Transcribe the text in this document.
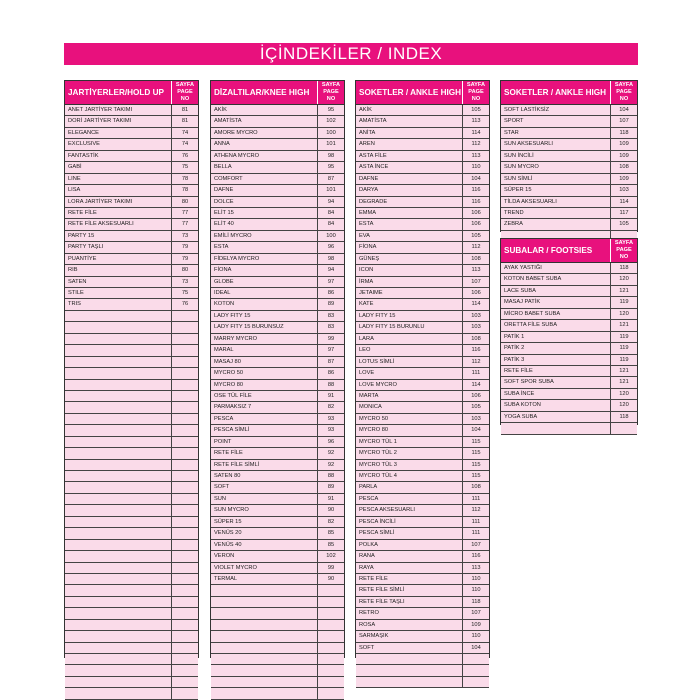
İÇİNDEKİLER / INDEX
JARTİYERLER/HOLD UP
SAYFA
PAGE
NO
ANET JARTİYER TAKIMI	81
DORİ JARTİYER TAKIMI	81
ELEGANCE	74
EXCLUSIVE	74
FANTASTİK	76
GABİ	75
LINE	78
LISA	78
LORA JARTİYER TAKIMI	80
RETE FİLE	77
RETE FİLE AKSESUARLI	77
PARTY 15	73
PARTY TAŞLI	79
PUANTİYE	79
RIB	80
SATEN	73
STILE	75
TRIS	76
DİZALTILAR/KNEE HIGH
SAYFA
PAGE
NO
AKİK	95
AMATİSTA	102
AMORE MYCRO	100
ANNA	101
ATHENA MYCRO	98
BELLA	95
COMFORT	87
DAFNE	101
DOLCE	94
ELİT 15	84
ELİT 40	84
EMİLİ MYCRO	100
ESTA	96
FİDELYA MYCRO	98
FİONA	94
GLOBE	97
IDEAL	86
KOTON	89
LADY FITY 15	83
LADY FITY 15 BURUNSUZ	83
MARRY MYCRO	99
MARAL	97
MASAJ 80	87
MYCRO 50	86
MYCRO 80	88
OSE TÜL FİLE	91
PARMAKSIZ 7	82
PESCA	93
PESCA SİMLİ	93
POINT	96
RETE FİLE	92
RETE FİLE SİMLİ	92
SATEN 80	88
SOFT	89
SUN	91
SUN MYCRO	90
SÜPER 15	82
VENÜS 20	85
VENÜS 40	85
VERON	102
VIOLET MYCRO	99
TERMAL	90
SOKETLER / ANKLE HIGH
SAYFA
PAGE
NO
AKİK	105
AMATİSTA	113
ANİTA	114
AREN	112
ASTA FİLE	113
ASTA İNCE	110
DAFNE	104
DARYA	116
DEGRADE	116
EMMA	106
ESTA	106
EVA	105
FİONA	112
GÜNEŞ	108
ICON	113
İRMA	107
JETAIME	106
KATE	114
LADY FITY 15	103
LADY FITY 15 BURUNLU	103
LARA	108
LEO	116
LOTUS SİMLİ	112
LOVE	111
LOVE MYCRO	114
MARTA	106
MONICA	105
MYCRO 50	103
MYCRO 80	104
MYCRO TÜL 1	115
MYCRO TÜL 2	115
MYCRO TÜL 3	115
MYCRO TÜL 4	115
PARLA	108
PESCA	111
PESCA AKSESUARLI	112
PESCA İNCİLİ	111
PESCA SİMLİ	111
POLKA	107
RANA	116
RAYA	113
RETE FİLE	110
RETE FİLE SİMLİ	110
RETE FİLE TAŞLI	118
RETRO	107
ROSA	109
SARMAŞIK	110
SOFT	104
SOKETLER / ANKLE HIGH
SAYFA
PAGE
NO
SOFT LASTİKSİZ	104
SPORT	107
STAR	118
SUN AKSESUARLI	109
SUN İNCİLİ	109
SUN MYCRO	108
SUN SİMLİ	109
SÜPER 15	103
TİLDA AKSESUARLI	114
TREND	117
ZEBRA	105
SUBALAR / FOOTSIES
SAYFA
PAGE
NO
AYAK YASTIĞI	118
KOTON BABET SUBA	120
LACE SUBA	121
MASAJ PATİK	119
MİCRO BABET SUBA	120
ORETTA FİLE SUBA	121
PATİK 1	119
PATİK 2	119
PATİK 3	119
RETE FİLE	121
SOFT SPOR SUBA	121
SUBA İNCE	120
SUBA KOTON	120
YOGA SUBA	118
